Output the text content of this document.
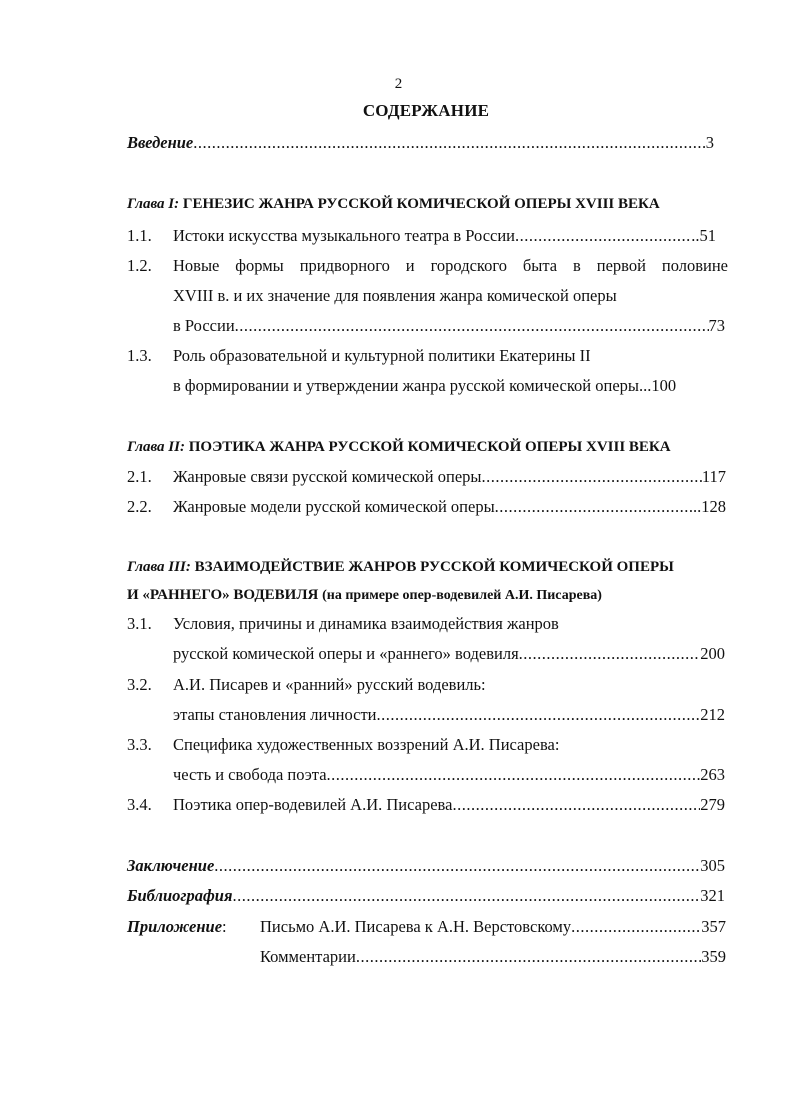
2
СОДЕРЖАНИЕ
Введение .....	3
Глава I: ГЕНЕЗИС ЖАНРА РУССКОЙ КОМИЧЕСКОЙ ОПЕРЫ XVIII ВЕКА
1.1. Истоки искусства музыкального театра в России .....	..51
1.2. Новые формы придворного и городского быта в первой половине
XVIII в. и их значение для появления жанра комической оперы
в России .....	73
1.3. Роль образовательной и культурной политики Екатерины II
в формировании и утверждении жанра русской комической оперы...100
Глава II: ПОЭТИКА ЖАНРА РУССКОЙ КОМИЧЕСКОЙ ОПЕРЫ XVIII ВЕКА
2.1. Жанровые связи русской комической оперы .....	117
2.2. Жанровые модели русской комической оперы .....	..128
Глава III: ВЗАИМОДЕЙСТВИЕ ЖАНРОВ РУССКОЙ КОМИЧЕСКОЙ ОПЕРЫ
И «РАННЕГО» ВОДЕВИЛЯ (на примере опер-водевилей А.И. Писарева)
3.1. Условия, причины и динамика взаимодействия жанров
русской комической оперы и «раннего» водевиля .....	200
3.2. А.И. Писарев и «ранний» русский водевиль:
этапы становления личности .....	212
3.3. Специфика художественных воззрений А.И. Писарева:
честь и свобода поэта .....	263
3.4. Поэтика опер-водевилей А.И. Писарева .....	279
Заключение .....	305
Библиография .....	321
Приложение: Письмо А.И. Писарева к А.Н. Верстовскому .....	357
Комментарии .....	359
